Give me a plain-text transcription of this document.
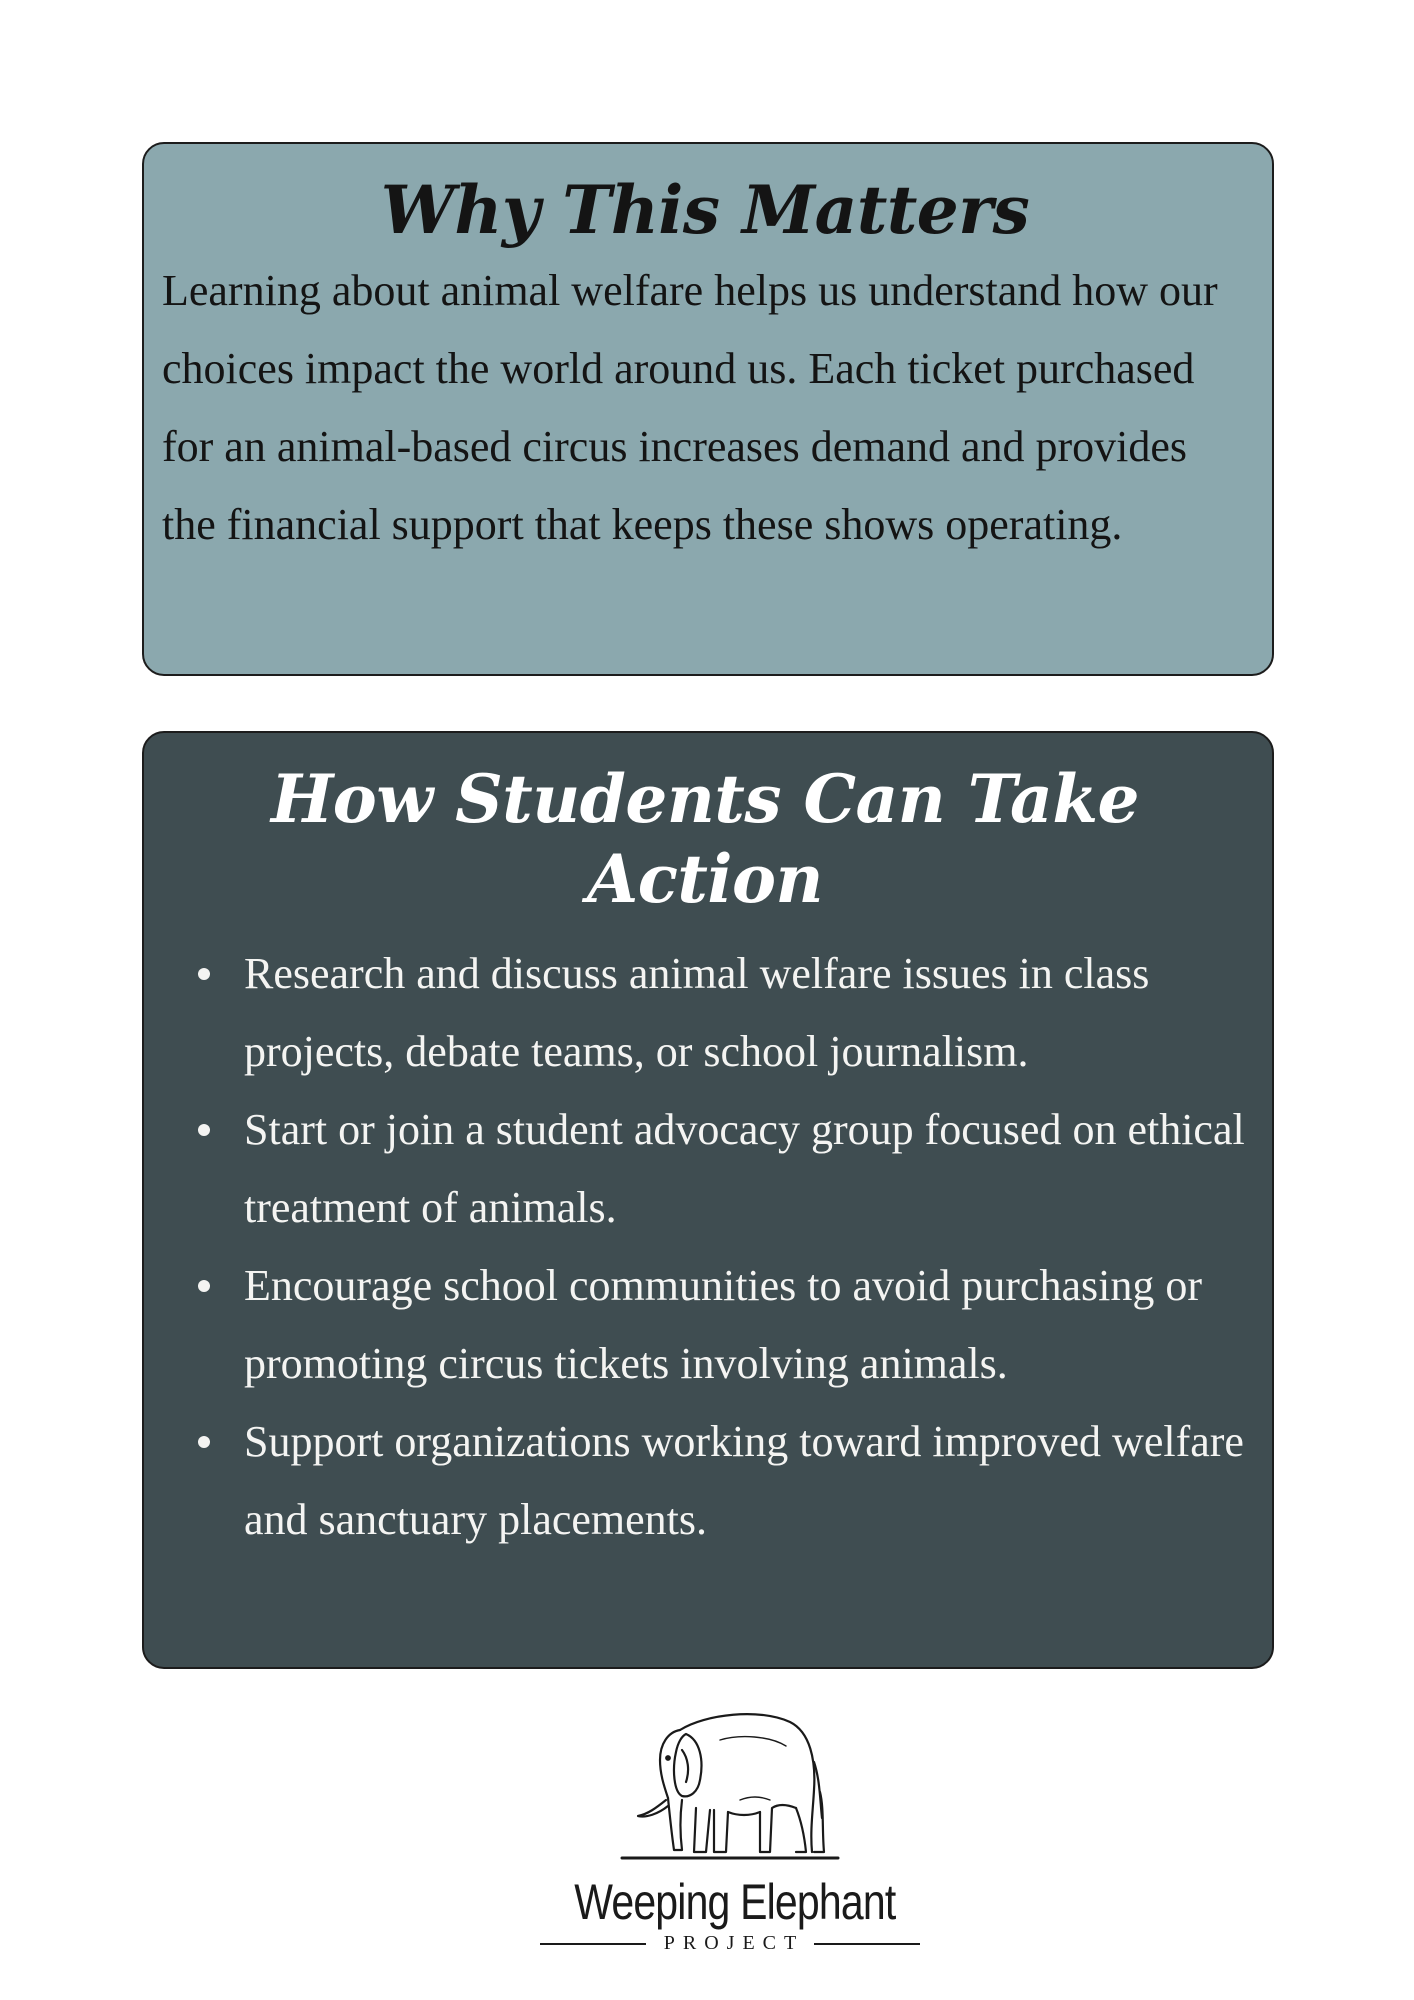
Why This Matters

Learning about animal welfare helps us understand how our choices impact the world around us. Each ticket purchased for an animal-based circus increases demand and provides the financial support that keeps these shows operating.

How Students Can Take Action
Research and discuss animal welfare issues in class projects, debate teams, or school journalism.
Start or join a student advocacy group focused on ethical treatment of animals.
Encourage school communities to avoid purchasing or promoting circus tickets involving animals.
Support organizations working toward improved welfare and sanctuary placements.
Weeping Elephant
PROJECT
